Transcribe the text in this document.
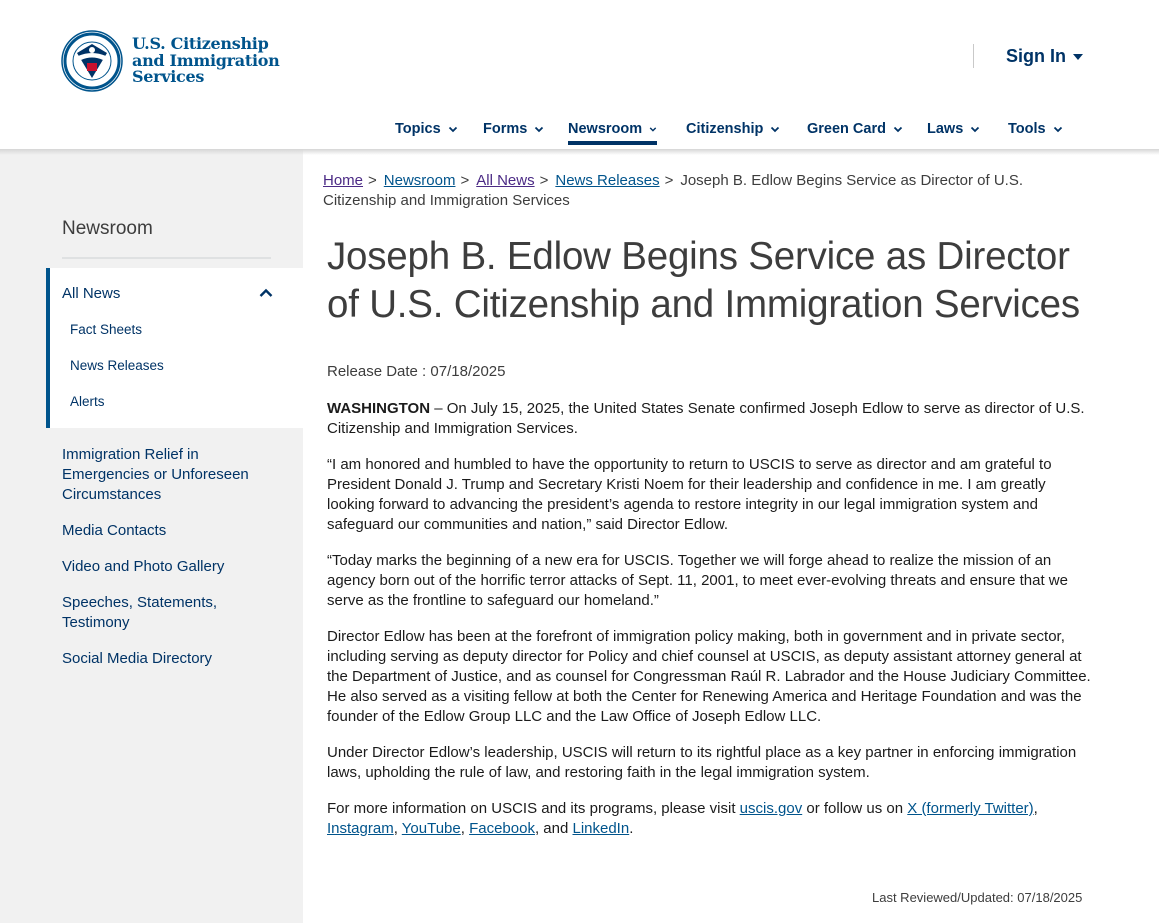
U.S. Citizenship
and Immigration
Services
Sign In
Topics	Forms	Newsroom	Citizenship	Green Card	Laws	Tools
Newsroom
All News
Fact Sheets
News Releases
Alerts
Immigration Relief in Emergencies or Unforeseen Circumstances
Media Contacts
Video and Photo Gallery
Speeches, Statements, Testimony
Social Media Directory
Home > Newsroom > All News > News Releases > Joseph B. Edlow Begins Service as Director of U.S. Citizenship and Immigration Services
Joseph B. Edlow Begins Service as Director of U.S. Citizenship and Immigration Services
Release Date : 07/18/2025

WASHINGTON – On July 15, 2025, the United States Senate confirmed Joseph Edlow to serve as director of U.S. Citizenship and Immigration Services.

“I am honored and humbled to have the opportunity to return to USCIS to serve as director and am grateful to President Donald J. Trump and Secretary Kristi Noem for their leadership and confidence in me. I am greatly looking forward to advancing the president’s agenda to restore integrity in our legal immigration system and safeguard our communities and nation,” said Director Edlow.

“Today marks the beginning of a new era for USCIS. Together we will forge ahead to realize the mission of an agency born out of the horrific terror attacks of Sept. 11, 2001, to meet ever-evolving threats and ensure that we serve as the frontline to safeguard our homeland.”

Director Edlow has been at the forefront of immigration policy making, both in government and in private sector, including serving as deputy director for Policy and chief counsel at USCIS, as deputy assistant attorney general at the Department of Justice, and as counsel for Congressman Raúl R. Labrador and the House Judiciary Committee. He also served as a visiting fellow at both the Center for Renewing America and Heritage Foundation and was the founder of the Edlow Group LLC and the Law Office of Joseph Edlow LLC.

Under Director Edlow’s leadership, USCIS will return to its rightful place as a key partner in enforcing immigration laws, upholding the rule of law, and restoring faith in the legal immigration system.

For more information on USCIS and its programs, please visit uscis.gov or follow us on X (formerly Twitter), Instagram, YouTube, Facebook, and LinkedIn.

Last Reviewed/Updated: 07/18/2025
